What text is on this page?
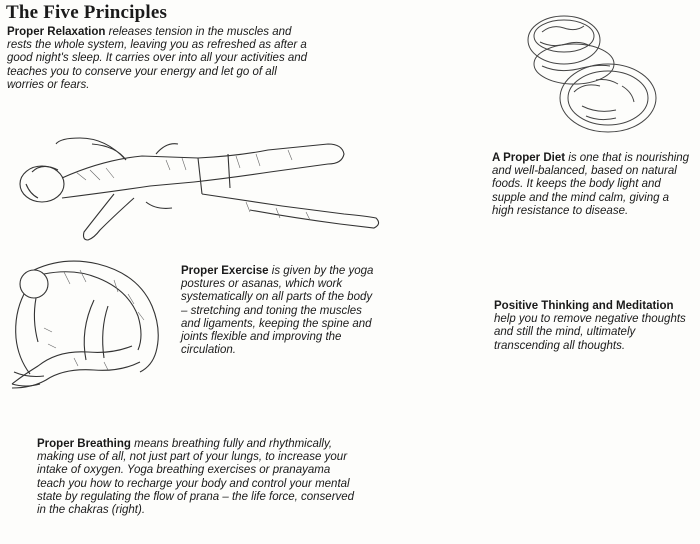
The Five Principles
Proper Relaxation releases tension in the muscles and rests the whole system, leaving you as refreshed as after a good night's sleep. It carries over into all your activities and teaches you to conserve your energy and let go of all worries or fears.
A Proper Diet is one that is nourishing and well-balanced, based on natural foods. It keeps the body light and supple and the mind calm, giving a high resistance to disease.
Proper Exercise is given by the yoga postures or asanas, which work systematically on all parts of the body – stretching and toning the muscles and ligaments, keeping the spine and joints flexible and improving the circulation.
Positive Thinking and Meditation help you to remove negative thoughts and still the mind, ultimately transcending all thoughts.
Proper Breathing means breathing fully and rhythmically, making use of all, not just part of your lungs, to increase your intake of oxygen. Yoga breathing exercises or pranayama teach you how to recharge your body and control your mental state by regulating the flow of prana – the life force, conserved in the chakras (right).
